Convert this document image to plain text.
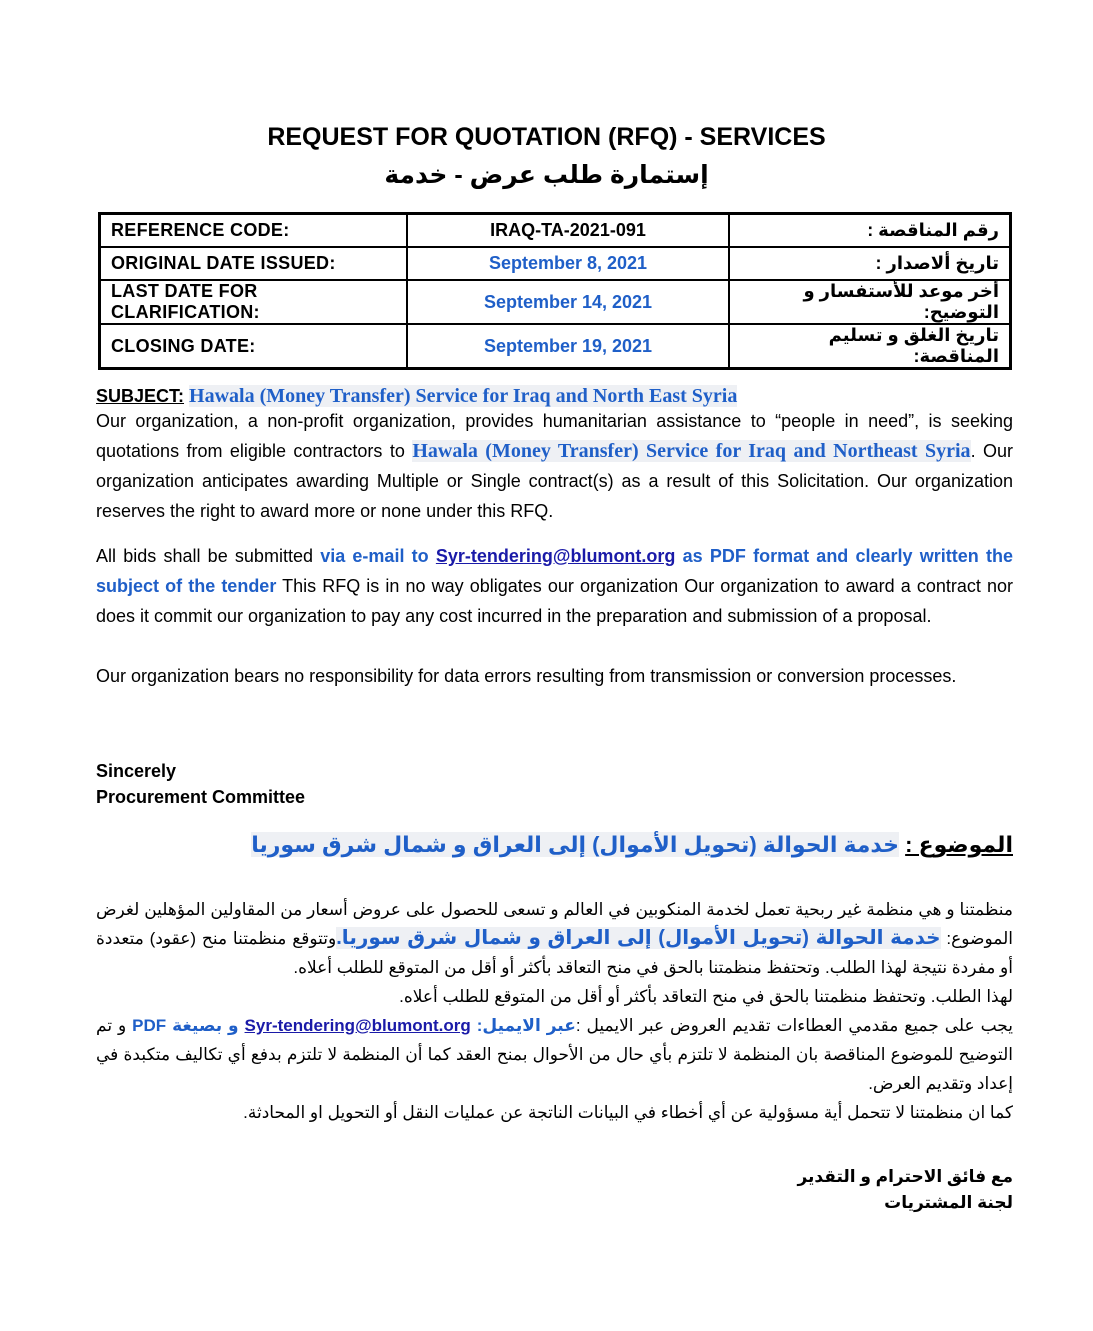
REQUEST FOR QUOTATION (RFQ) - SERVICES
إستمارة طلب عرض - خدمة
REFERENCE CODE:	IRAQ-TA-2021-091	رقم المناقصة :
ORIGINAL DATE ISSUED:	September 8, 2021	تاريخ ألاصدار :
LAST DATE FOR CLARIFICATION:	September 14, 2021	أخر موعد للأستفسار و التوضيح:
CLOSING DATE:	September 19, 2021	تاريخ الغلق و تسليم المناقصة:
SUBJECT: Hawala (Money Transfer) Service for Iraq and North East Syria
Our organization, a non-profit organization, provides humanitarian assistance to “people in need”, is seeking quotations from eligible contractors to Hawala (Money Transfer) Service for Iraq and Northeast Syria. Our organization anticipates awarding Multiple or Single contract(s) as a result of this Solicitation. Our organization reserves the right to award more or none under this RFQ.
All bids shall be submitted via e-mail to Syr-tendering@blumont.org as PDF format and clearly written the subject of the tender This RFQ is in no way obligates our organization Our organization to award a contract nor does it commit our organization to pay any cost incurred in the preparation and submission of a proposal.
Our organization bears no responsibility for data errors resulting from transmission or conversion processes.
Sincerely
Procurement Committee
الموضوع : خدمة الحوالة (تحويل الأموال) إلى العراق و شمال شرق سوريا

منظمتنا و هي منظمة غير ربحية تعمل لخدمة المنكوبين في العالم و تسعى للحصول على عروض أسعار من المقاولين المؤهلين لغرض الموضوع: خدمة الحوالة (تحويل الأموال) إلى العراق و شمال شرق سوريا.وتتوقع منظمتنا منح (عقود) متعددة أو مفردة نتيجة لهذا الطلب. وتحتفظ منظمتنا بالحق في منح التعاقد بأكثر أو أقل من المتوقع للطلب أعلاه.

لهذا الطلب. وتحتفظ منظمتنا بالحق في منح التعاقد بأكثر أو أقل من المتوقع للطلب أعلاه.

يجب على جميع مقدمي العطاءات تقديم العروض عبر الايميل :عبر الايميل: Syr-tendering@blumont.org و بصيغة PDF و تم التوضيح للموضوع المناقصة بان المنظمة لا تلتزم بأي حال من الأحوال بمنح العقد كما أن المنظمة لا تلتزم بدفع أي تكاليف متكبدة في إعداد وتقديم العرض.

كما ان منظمتنا لا تتحمل أية مسؤولية عن أي أخطاء في البيانات الناتجة عن عمليات النقل أو التحويل او المحادثة.

مع فائق الاحترام و التقدير
لجنة المشتريات
